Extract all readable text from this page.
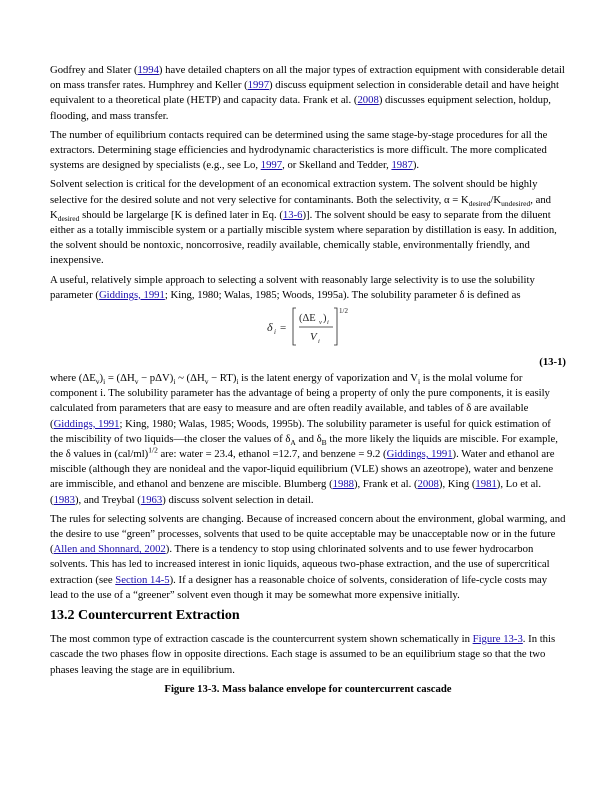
Godfrey and Slater (1994) have detailed chapters on all the major types of extraction equipment with considerable detail on mass transfer rates. Humphrey and Keller (1997) discuss equipment selection in considerable detail and have height equivalent to a theoretical plate (HETP) and capacity data. Frank et al. (2008) discusses equipment selection, holdup, flooding, and mass transfer.

The number of equilibrium contacts required can be determined using the same stage-by-stage procedures for all the extractors. Determining stage efficiencies and hydrodynamic characteristics is more difficult. The more complicated systems are designed by specialists (e.g., see Lo, 1997, or Skelland and Tedder, 1987).

Solvent selection is critical for the development of an economical extraction system. The solvent should be highly selective for the desired solute and not very selective for contaminants. Both the selectivity, $\alpha = K_{desired}/K_{undesired}$, and $K_{desired}$ should be largelarge [K is defined later in Eq. (13-6)]. The solvent should be easy to separate from the diluent either as a totally immiscible system or a partially miscible system where separation by distillation is easy. In addition, the solvent should be nontoxic, noncorrosive, readily available, chemically stable, environmentally friendly, and inexpensive.

A useful, relatively simple approach to selecting a solvent with reasonably large selectivity is to use the solubility parameter (Giddings, 1991; King, 1980; Walas, 1985; Woods, 1995a). The solubility parameter δ is defined as

δ i =
(ΔE v ) i
V i
1/2
(13-1)

where $(\Delta E_v)_i = (\Delta H_v - p\Delta V)_i$ ~ $(\Delta H_v - RT)_i$ is the latent energy of vaporization and $V_i$ is the molal volume for component i. The solubility parameter has the advantage of being a property of only the pure components, it is easily calculated from parameters that are easy to measure and are often readily available, and tables of δ are available (Giddings, 1991; King, 1980; Walas, 1985; Woods, 1995b). The solubility parameter is useful for quick estimation of the miscibility of two liquids—the closer the values of $\delta_A$ and $\delta_B$ the more likely the liquids are miscible. For example, the δ values in $(cal/ml)^{1/2}$ are: water = 23.4, ethanol =12.7, and benzene = 9.2 (Giddings, 1991). Water and ethanol are miscible (although they are nonideal and the vapor-liquid equilibrium (VLE) shows an azeotrope), water and benzene are immiscible, and ethanol and benzene are miscible. Blumberg (1988), Frank et al. (2008), King (1981), Lo et al. (1983), and Treybal (1963) discuss solvent selection in detail.

The rules for selecting solvents are changing. Because of increased concern about the environment, global warming, and the desire to use “green” processes, solvents that used to be quite acceptable may be unacceptable now or in the future (Allen and Shonnard, 2002). There is a tendency to stop using chlorinated solvents and to use fewer hydrocarbon solvents. This has led to increased interest in ionic liquids, aqueous two-phase extraction, and the use of supercritical extraction (see Section 14-5). If a designer has a reasonable choice of solvents, consideration of life-cycle costs may lead to the use of a “greener” solvent even though it may be somewhat more expensive initially.

13.2 Countercurrent Extraction

The most common type of extraction cascade is the countercurrent system shown schematically in Figure 13-3. In this cascade the two phases flow in opposite directions. Each stage is assumed to be an equilibrium stage so that the two phases leaving the stage are in equilibrium.

Figure 13-3. Mass balance envelope for countercurrent cascade
